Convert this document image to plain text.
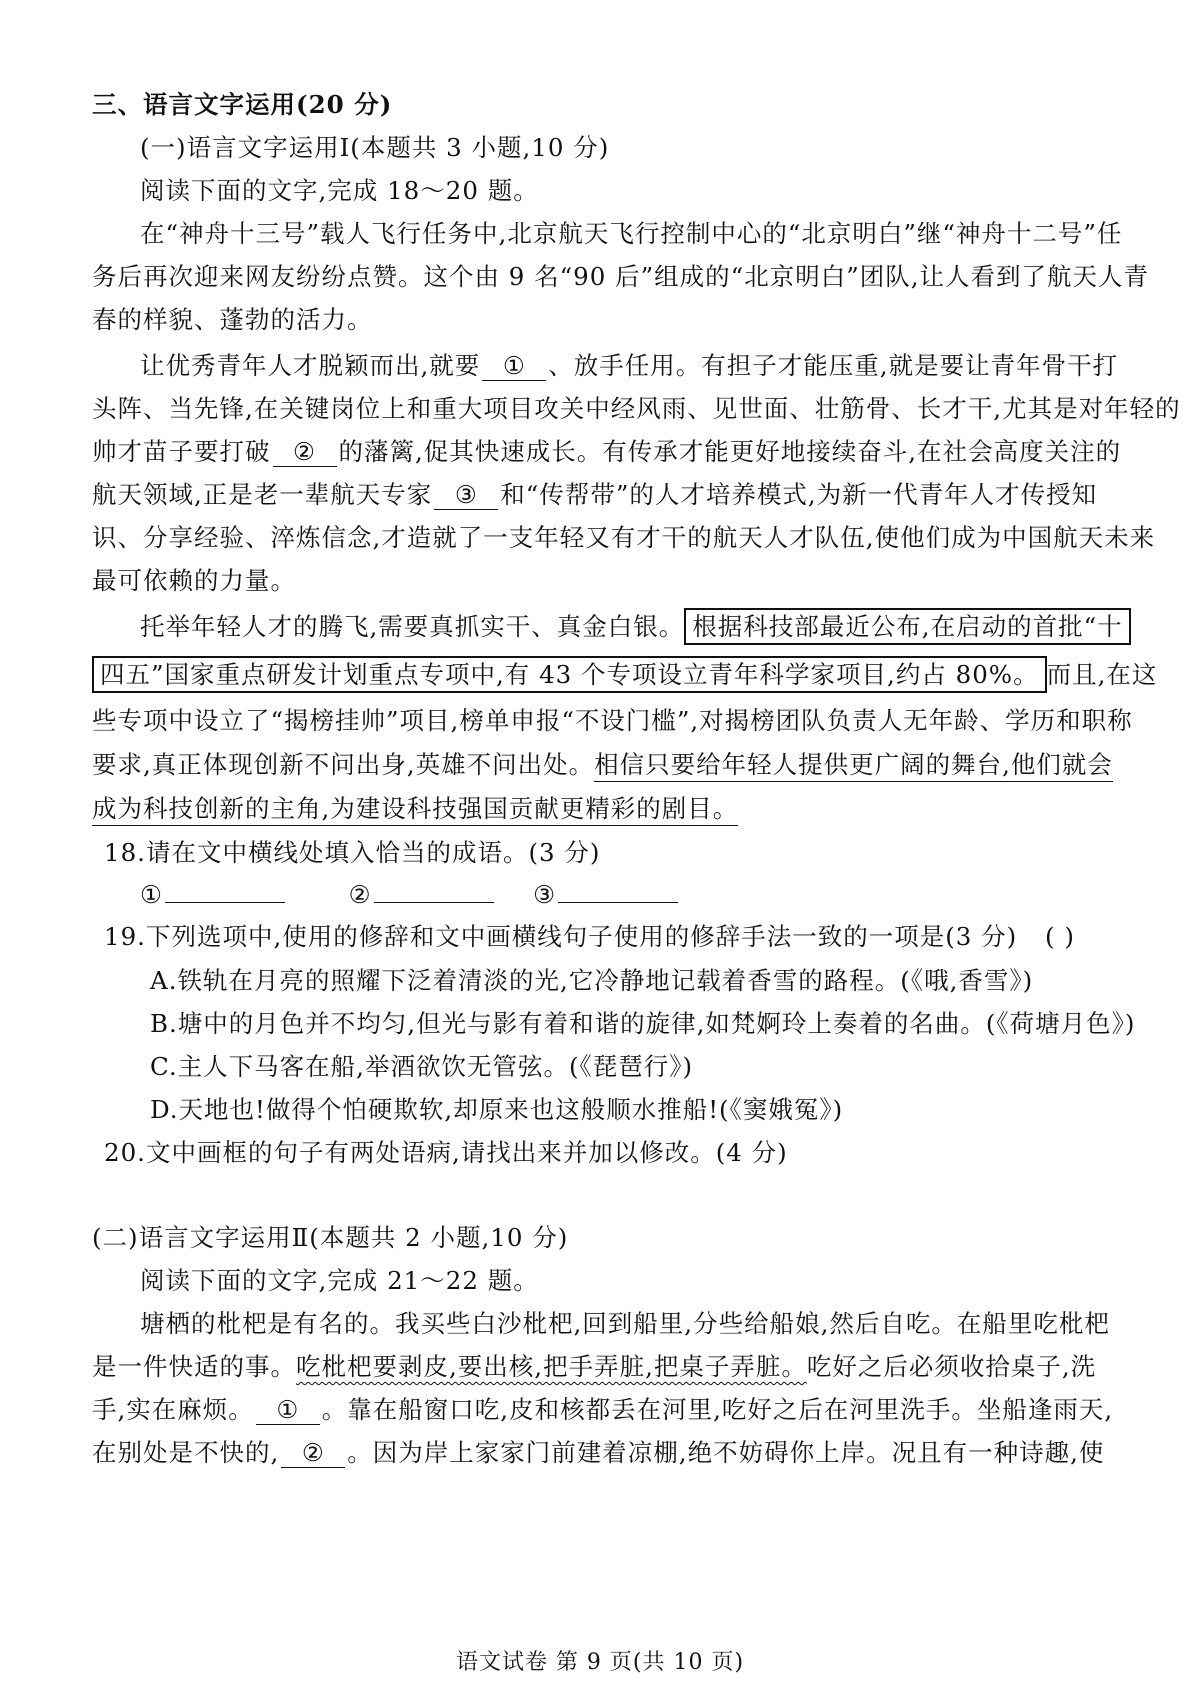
三、语言文字运用(20 分)
(一)语言文字运用Ⅰ(本题共 3 小题,10 分)
阅读下面的文字,完成 18～20 题。
在“神舟十三号”载人飞行任务中,北京航天飞行控制中心的“北京明白”继“神舟十二号”任
务后再次迎来网友纷纷点赞。这个由 9 名“90 后”组成的“北京明白”团队,让人看到了航天人青
春的样貌、蓬勃的活力。
让优秀青年人才脱颖而出,就要 ① 、放手任用。有担子才能压重,就是要让青年骨干打
头阵、当先锋,在关键岗位上和重大项目攻关中经风雨、见世面、壮筋骨、长才干,尤其是对年轻的
帅才苗子要打破 ② 的藩篱,促其快速成长。有传承才能更好地接续奋斗,在社会高度关注的
航天领域,正是老一辈航天专家 ③ 和“传帮带”的人才培养模式,为新一代青年人才传授知
识、分享经验、淬炼信念,才造就了一支年轻又有才干的航天人才队伍,使他们成为中国航天未来
最可依赖的力量。
托举年轻人才的腾飞,需要真抓实干、真金白银。 根据科技部最近公布,在启动的首批“十
四五”国家重点研发计划重点专项中,有 43 个专项设立青年科学家项目,约占 80%。 而且,在这
些专项中设立了“揭榜挂帅”项目,榜单申报“不设门槛”,对揭榜团队负责人无年龄、学历和职称
要求,真正体现创新不问出身,英雄不问出处。相信只要给年轻人提供更广阔的舞台,他们就会
成为科技创新的主角,为建设科技强国贡献更精彩的剧目。
18.请在文中横线处填入恰当的成语。(3 分)
①	②	③
19.下列选项中,使用的修辞和文中画横线句子使用的修辞手法一致的一项是(3 分)	( )
A.铁轨在月亮的照耀下泛着清淡的光,它冷静地记载着香雪的路程。(《哦,香雪》)
B.塘中的月色并不均匀,但光与影有着和谐的旋律,如梵婀玲上奏着的名曲。(《荷塘月色》)
C.主人下马客在船,举酒欲饮无管弦。(《琵琶行》)
D.天地也!做得个怕硬欺软,却原来也这般顺水推船!(《窦娥冤》)
20.文中画框的句子有两处语病,请找出来并加以修改。(4 分)
(二)语言文字运用Ⅱ(本题共 2 小题,10 分)
阅读下面的文字,完成 21～22 题。
塘栖的枇杷是有名的。我买些白沙枇杷,回到船里,分些给船娘,然后自吃。在船里吃枇杷
是一件快适的事。吃枇杷要剥皮,要出核,把手弄脏,把桌子弄脏。吃好之后必须收拾桌子,洗
手,实在麻烦。 ① 。靠在船窗口吃,皮和核都丢在河里,吃好之后在河里洗手。坐船逢雨天,
在别处是不快的, ② 。因为岸上家家门前建着凉棚,绝不妨碍你上岸。况且有一种诗趣,使
语文试卷 第 9 页(共 10 页)
